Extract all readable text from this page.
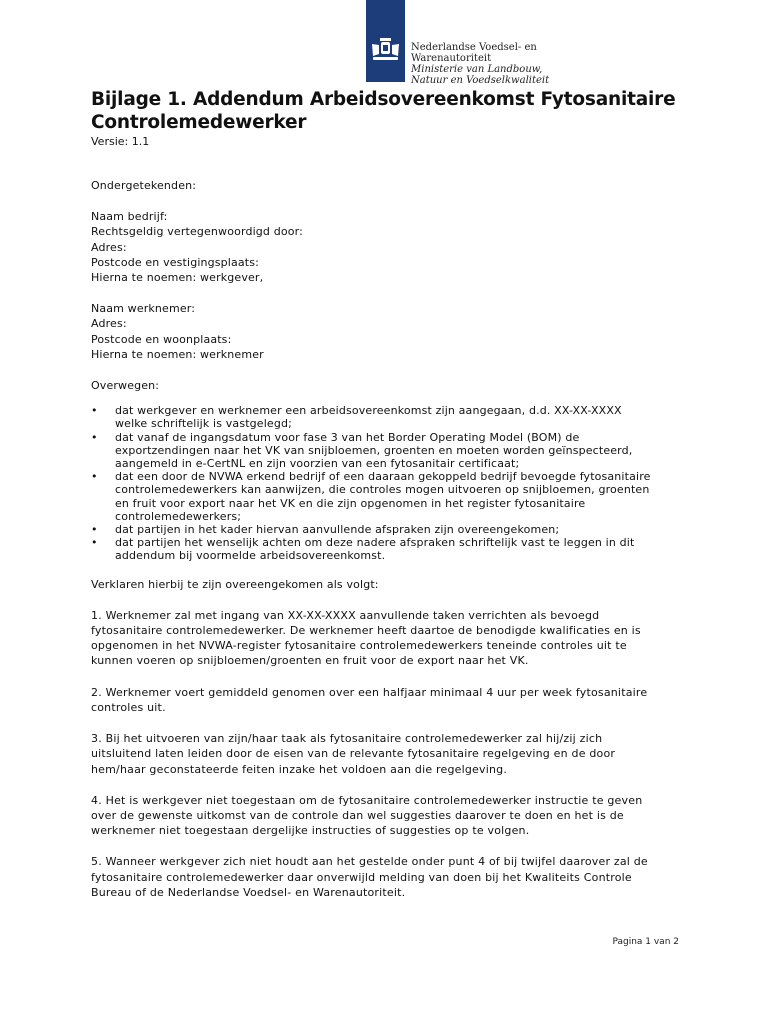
Nederlandse Voedsel- en
Warenautoriteit
Ministerie van Landbouw,
Natuur en Voedselkwaliteit
Bijlage 1. Addendum Arbeidsovereenkomst Fytosanitaire
Controlemedewerker
Versie: 1.1
Ondergetekenden:
Naam bedrijf:
Rechtsgeldig vertegenwoordigd door:
Adres:
Postcode en vestigingsplaats:
Hierna te noemen: werkgever,
Naam werknemer:
Adres:
Postcode en woonplaats:
Hierna te noemen: werknemer
Overwegen:
• dat werkgever en werknemer een arbeidsovereenkomst zijn aangegaan, d.d. XX-XX-XXXX
welke schriftelijk is vastgelegd;
• dat vanaf de ingangsdatum voor fase 3 van het Border Operating Model (BOM) de
exportzendingen naar het VK van snijbloemen, groenten en moeten worden geïnspecteerd,
aangemeld in e-CertNL en zijn voorzien van een fytosanitair certificaat;
• dat een door de NVWA erkend bedrijf of een daaraan gekoppeld bedrijf bevoegde fytosanitaire
controlemedewerkers kan aanwijzen, die controles mogen uitvoeren op snijbloemen, groenten
en fruit voor export naar het VK en die zijn opgenomen in het register fytosanitaire
controlemedewerkers;
• dat partijen in het kader hiervan aanvullende afspraken zijn overeengekomen;
• dat partijen het wenselijk achten om deze nadere afspraken schriftelijk vast te leggen in dit
addendum bij voormelde arbeidsovereenkomst.
Verklaren hierbij te zijn overeengekomen als volgt:
1. Werknemer zal met ingang van XX-XX-XXXX aanvullende taken verrichten als bevoegd
fytosanitaire controlemedewerker. De werknemer heeft daartoe de benodigde kwalificaties en is
opgenomen in het NVWA-register fytosanitaire controlemedewerkers teneinde controles uit te
kunnen voeren op snijbloemen/groenten en fruit voor de export naar het VK.
2. Werknemer voert gemiddeld genomen over een halfjaar minimaal 4 uur per week fytosanitaire
controles uit.
3. Bij het uitvoeren van zijn/haar taak als fytosanitaire controlemedewerker zal hij/zij zich
uitsluitend laten leiden door de eisen van de relevante fytosanitaire regelgeving en de door
hem/haar geconstateerde feiten inzake het voldoen aan die regelgeving.
4. Het is werkgever niet toegestaan om de fytosanitaire controlemedewerker instructie te geven
over de gewenste uitkomst van de controle dan wel suggesties daarover te doen en het is de
werknemer niet toegestaan dergelijke instructies of suggesties op te volgen.
5. Wanneer werkgever zich niet houdt aan het gestelde onder punt 4 of bij twijfel daarover zal de
fytosanitaire controlemedewerker daar onverwijld melding van doen bij het Kwaliteits Controle
Bureau of de Nederlandse Voedsel- en Warenautoriteit.
Pagina 1 van 2
